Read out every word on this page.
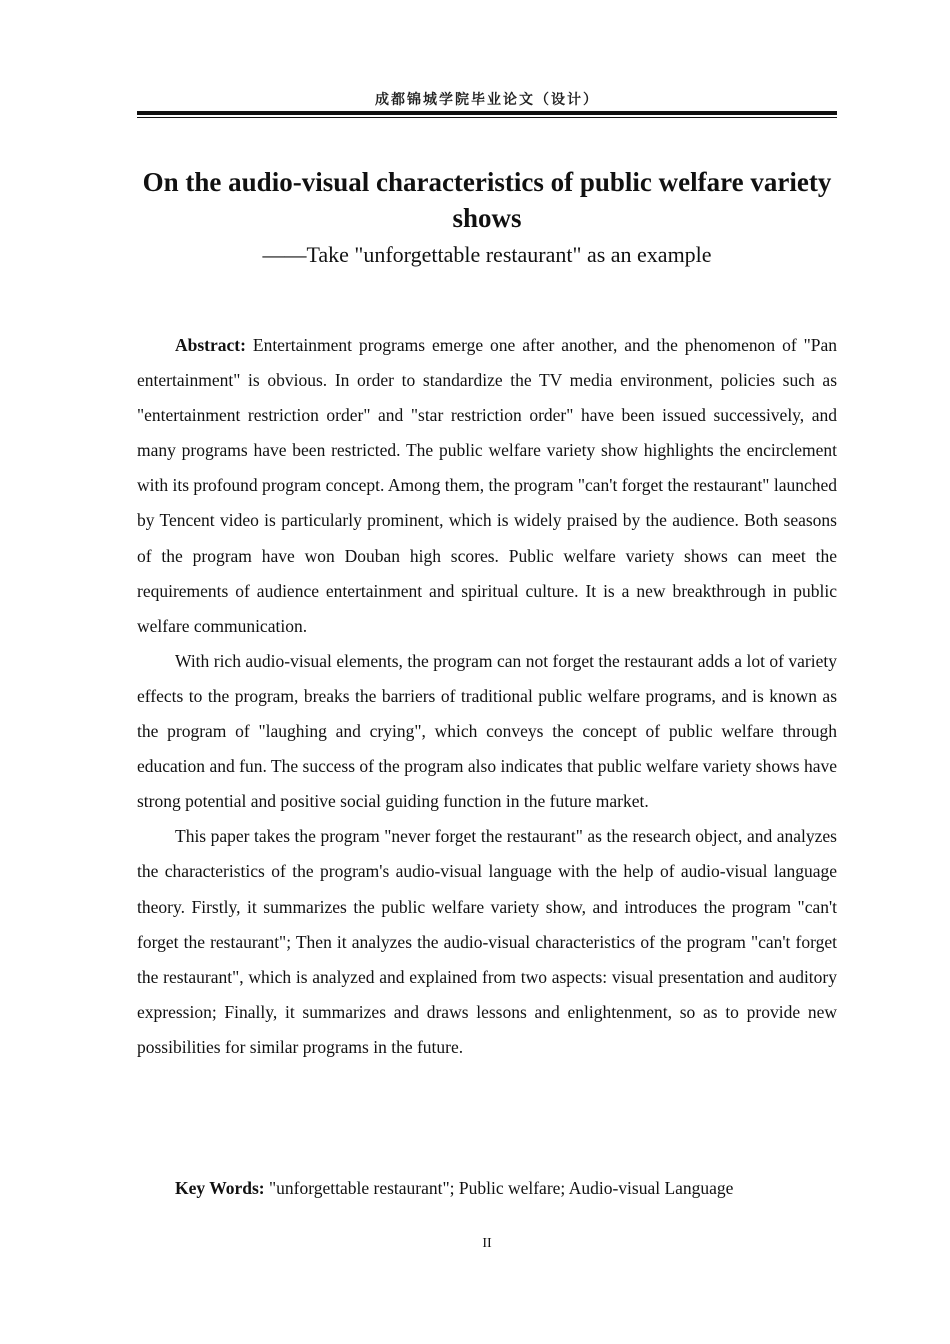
成都锦城学院毕业论文（设计）
On the audio-visual characteristics of public welfare variety shows

——Take "unforgettable restaurant" as an example

Abstract: Entertainment programs emerge one after another, and the phenomenon of "Pan entertainment" is obvious. In order to standardize the TV media environment, policies such as "entertainment restriction order" and "star restriction order" have been issued successively, and many programs have been restricted. The public welfare variety show highlights the encirclement with its profound program concept. Among them, the program "can't forget the restaurant" launched by Tencent video is particularly prominent, which is widely praised by the audience. Both seasons of the program have won Douban high scores. Public welfare variety shows can meet the requirements of audience entertainment and spiritual culture. It is a new breakthrough in public welfare communication.

With rich audio-visual elements, the program can not forget the restaurant adds a lot of variety effects to the program, breaks the barriers of traditional public welfare programs, and is known as the program of "laughing and crying", which conveys the concept of public welfare through education and fun. The success of the program also indicates that public welfare variety shows have strong potential and positive social guiding function in the future market.

This paper takes the program "never forget the restaurant" as the research object, and analyzes the characteristics of the program's audio-visual language with the help of audio-visual language theory. Firstly, it summarizes the public welfare variety show, and introduces the program "can't forget the restaurant"; Then it analyzes the audio-visual characteristics of the program "can't forget the restaurant", which is analyzed and explained from two aspects: visual presentation and auditory expression; Finally, it summarizes and draws lessons and enlightenment, so as to provide new possibilities for similar programs in the future.

Key Words: "unforgettable restaurant"; Public welfare; Audio-visual Language

II
